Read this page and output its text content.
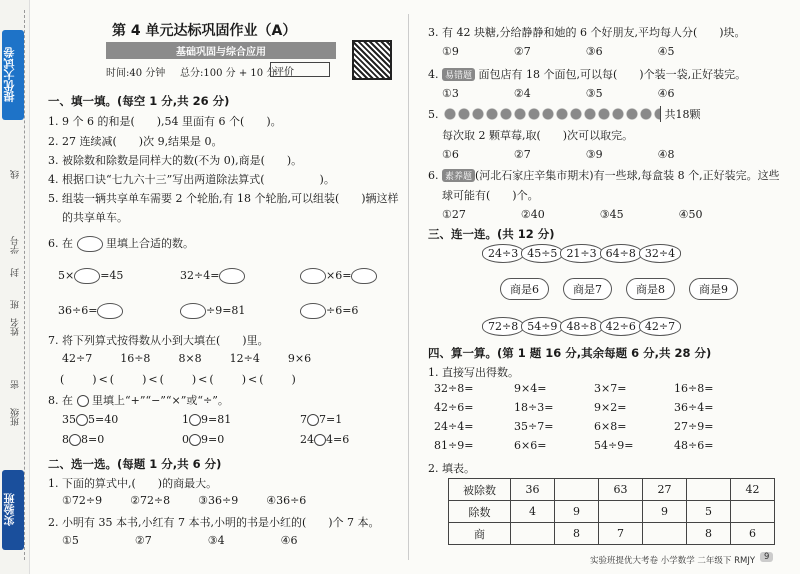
提优大试卷
实验班
学号
班
线
姓名
封
密
班级
第 4 单元达标巩固作业（A）
基础巩固与综合应用
时间:40 分钟 总分:100 分 + 10 分
评价
一、填一填。(每空 1 分,共 26 分)
1. 9 个 6 的和是(　　),54 里面有 6 个(　　)。
2. 27 连续减(　　)次 9,结果是 0。
3. 被除数和除数是同样大的数(不为 0),商是(　　)。
4. 根据口诀“七九六十三”写出两道除法算式(　　　　　)。
5. 组装一辆共享单车需要 2 个轮胎,有 18 个轮胎,可以组装(　　)辆这样
的共享单车。
6. 在	里填上合适的数。
5× =45	32÷4=	×6=
36÷6=	÷9=81	÷6=6
7. 将下列算式按得数从小到大填在(　　)里。
42÷7	16÷8	8×8	12÷4	9×6
(　　)<(　　)<(　　)<(　　)<(　　)
8. 在 里填上“+”“−”“×”或“÷”。
35 5=40	1 9=81	7 7=1
8 8=0	0 9=0	24 4=6
二、选一选。(每题 1 分,共 6 分)
1. 下面的算式中,(　　)的商最大。
①72÷9	②72÷8	③36÷9	④36÷6
2. 小明有 35 本书,小红有 7 本书,小明的书是小红的(　　)个 7 本。
①5	②7	③4	④6
3. 有 42 块糖,分给静静和她的 6 个好朋友,平均每人分(　　)块。
①9	②7	③6	④5
4. 易错题 面包店有 18 个面包,可以每(　　)个装一袋,正好装完。
①3	②4	③5	④6
5.	共18颗
每次取 2 颗草莓,取(　　)次可以取完。
①6	②7	③9	④8
6. 素养题 (河北石家庄辛集市期末)有一些球,每盒装 8 个,正好装完。这些
球可能有(　　)个。
①27	②40	③45	④50
三、连一连。(共 12 分)
24÷3 45÷5 21÷3 64÷8 32÷4
商是6	商是7	商是8	商是9
72÷8 54÷9 48÷8 42÷6 42÷7
四、算一算。(第 1 题 16 分,其余每题 6 分,共 28 分)
1. 直接写出得数。
32÷8=	9×4=	3×7=	16÷8=
42÷6=	18÷3=	9×2=	36÷4=
24÷4=	35÷7=	6×8=	27÷9=
81÷9=	6×6=	54÷9=	48÷6=
2. 填表。
被除数	36		63	27		42
除数	4	9		9	5	
商		8	7		8	6
实验班提优大考卷 小学数学 二年级下 RMJY	9
